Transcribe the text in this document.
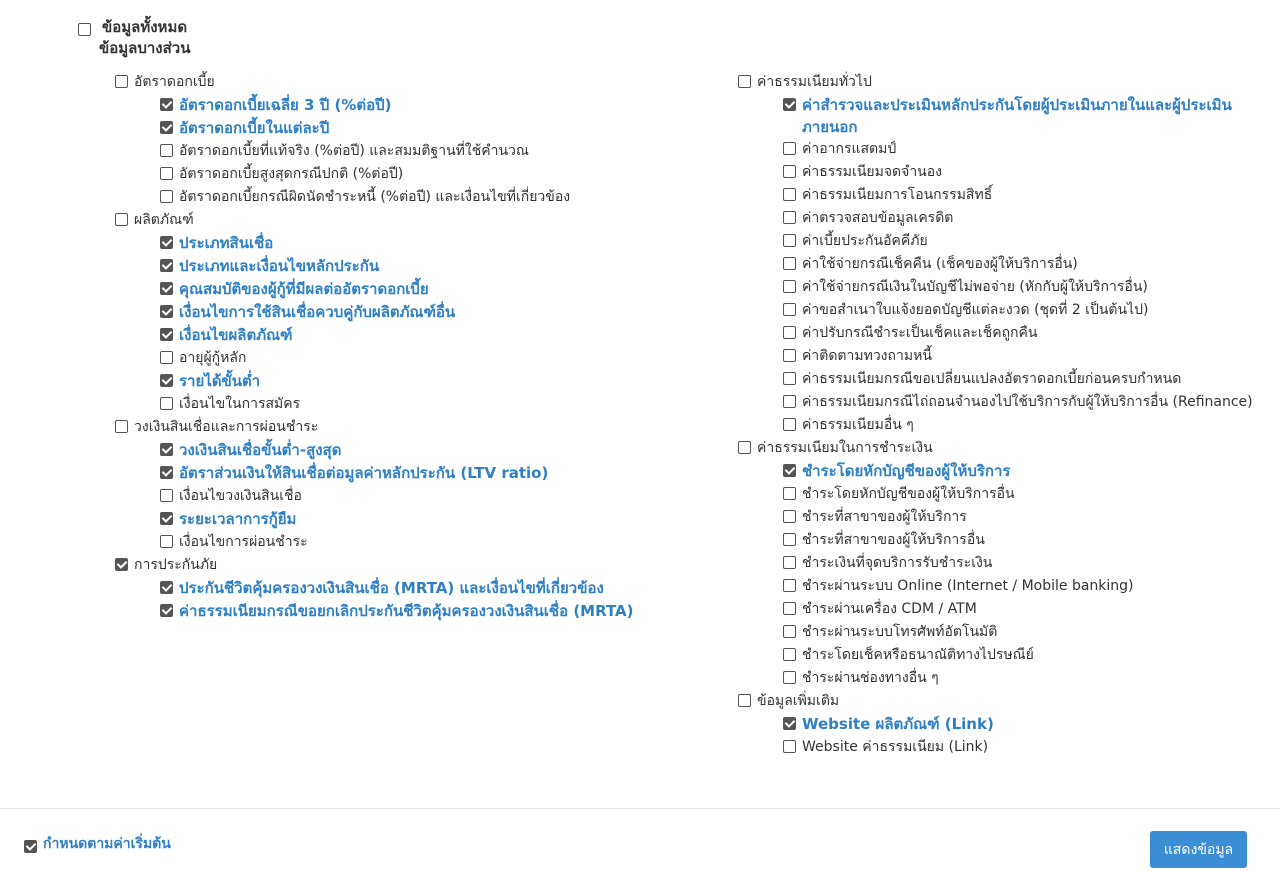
ข้อมูลทั้งหมด
ข้อมูลบางส่วน
อัตราดอกเบี้ย
อัตราดอกเบี้ยเฉลี่ย 3 ปี (%ต่อปี)
อัตราดอกเบี้ยในแต่ละปี
อัตราดอกเบี้ยที่แท้จริง (%ต่อปี) และสมมติฐานที่ใช้คำนวณ
อัตราดอกเบี้ยสูงสุดกรณีปกติ (%ต่อปี)
อัตราดอกเบี้ยกรณีผิดนัดชำระหนี้ (%ต่อปี) และเงื่อนไขที่เกี่ยวข้อง
ผลิตภัณฑ์
ประเภทสินเชื่อ
ประเภทและเงื่อนไขหลักประกัน
คุณสมบัติของผู้กู้ที่มีผลต่ออัตราดอกเบี้ย
เงื่อนไขการใช้สินเชื่อควบคู่กับผลิตภัณฑ์อื่น
เงื่อนไขผลิตภัณฑ์
อายุผู้กู้หลัก
รายได้ขั้นต่ำ
เงื่อนไขในการสมัคร
วงเงินสินเชื่อและการผ่อนชำระ
วงเงินสินเชื่อขั้นต่ำ-สูงสุด
อัตราส่วนเงินให้สินเชื่อต่อมูลค่าหลักประกัน (LTV ratio)
เงื่อนไขวงเงินสินเชื่อ
ระยะเวลาการกู้ยืม
เงื่อนไขการผ่อนชำระ
การประกันภัย
ประกันชีวิตคุ้มครองวงเงินสินเชื่อ (MRTA) และเงื่อนไขที่เกี่ยวข้อง
ค่าธรรมเนียมกรณีขอยกเลิกประกันชีวิตคุ้มครองวงเงินสินเชื่อ (MRTA)
ค่าธรรมเนียมทั่วไป
ค่าสำรวจและประเมินหลักประกันโดยผู้ประเมินภายในและผู้ประเมินภายนอก
ค่าอากรแสตมป์
ค่าธรรมเนียมจดจำนอง
ค่าธรรมเนียมการโอนกรรมสิทธิ์
ค่าตรวจสอบข้อมูลเครดิต
ค่าเบี้ยประกันอัคคีภัย
ค่าใช้จ่ายกรณีเช็คคืน (เช็คของผู้ให้บริการอื่น)
ค่าใช้จ่ายกรณีเงินในบัญชีไม่พอจ่าย (หักกับผู้ให้บริการอื่น)
ค่าขอสำเนาใบแจ้งยอดบัญชีแต่ละงวด (ชุดที่ 2 เป็นต้นไป)
ค่าปรับกรณีชำระเป็นเช็คและเช็คถูกคืน
ค่าติดตามทวงถามหนี้
ค่าธรรมเนียมกรณีขอเปลี่ยนแปลงอัตราดอกเบี้ยก่อนครบกำหนด
ค่าธรรมเนียมกรณีไถ่ถอนจำนองไปใช้บริการกับผู้ให้บริการอื่น (Refinance)
ค่าธรรมเนียมอื่น ๆ
ค่าธรรมเนียมในการชำระเงิน
ชำระโดยหักบัญชีของผู้ให้บริการ
ชำระโดยหักบัญชีของผู้ให้บริการอื่น
ชำระที่สาขาของผู้ให้บริการ
ชำระที่สาขาของผู้ให้บริการอื่น
ชำระเงินที่จุดบริการรับชำระเงิน
ชำระผ่านระบบ Online (Internet / Mobile banking)
ชำระผ่านเครื่อง CDM / ATM
ชำระผ่านระบบโทรศัพท์อัตโนมัติ
ชำระโดยเช็คหรือธนาณัติทางไปรษณีย์
ชำระผ่านช่องทางอื่น ๆ
ข้อมูลเพิ่มเติม
Website ผลิตภัณฑ์ (Link)
Website ค่าธรรมเนียม (Link)
กำหนดตามค่าเริ่มต้น	แสดงข้อมูล
